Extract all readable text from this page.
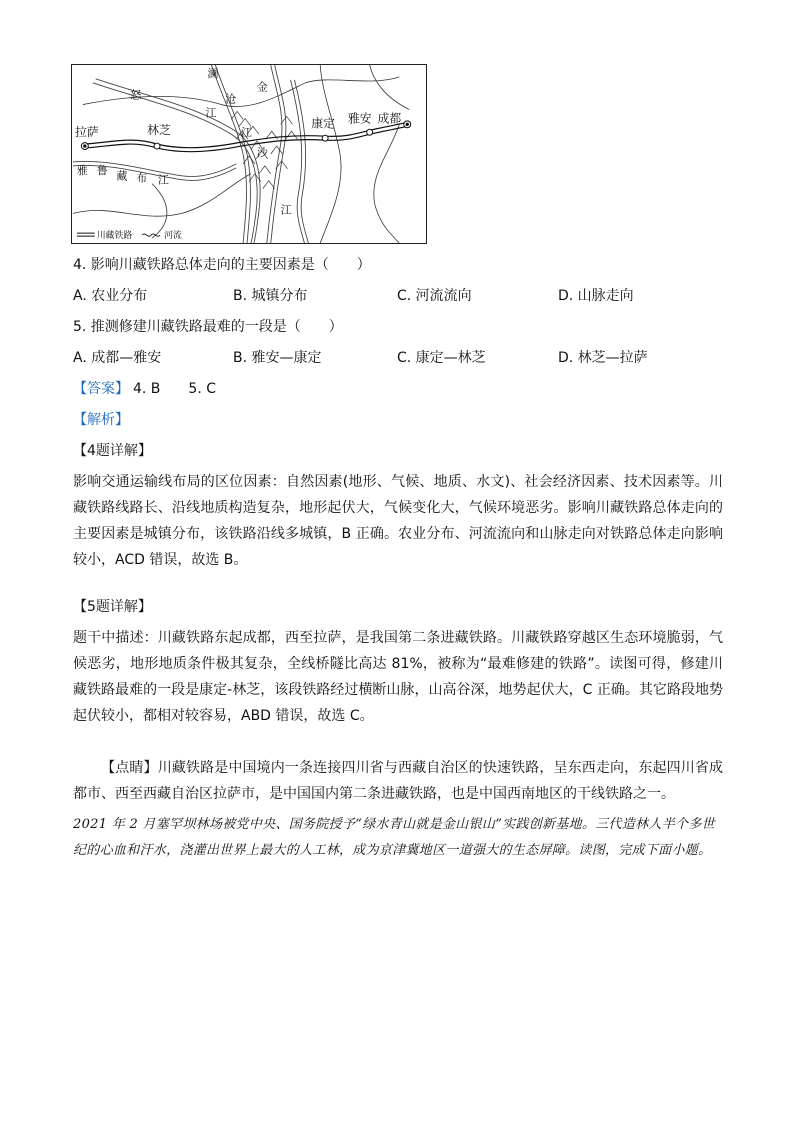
拉萨	林芝	康定 雅安 成都
怒
澜
沧
江
金
江
沙
江
雅 鲁 藏 布 江
川藏铁路	河流
4. 影响川藏铁路总体走向的主要因素是（　　）
A. 农业分布	B. 城镇分布	C. 河流流向	D. 山脉走向
5. 推测修建川藏铁路最难的一段是（　　）
A. 成都—雅安	B. 雅安—康定	C. 康定—林芝	D. 林芝—拉萨
【答案】 4. B　　5. C
【解析】
【4题详解】
影响交通运输线布局的区位因素：自然因素(地形、气候、地质、水文)、社会经济因素、技术因素等。川藏铁路线路长、沿线地质构造复杂，地形起伏大，气候变化大，气候环境恶劣。影响川藏铁路总体走向的主要因素是城镇分布，该铁路沿线多城镇，B 正确。农业分布、河流流向和山脉走向对铁路总体走向影响较小，ACD 错误，故选 B。
【5题详解】
题干中描述：川藏铁路东起成都，西至拉萨，是我国第二条进藏铁路。川藏铁路穿越区生态环境脆弱，气候恶劣，地形地质条件极其复杂，全线桥隧比高达 81%，被称为“最难修建的铁路”。读图可得，修建川藏铁路最难的一段是康定-林芝，该段铁路经过横断山脉，山高谷深，地势起伏大，C 正确。其它路段地势起伏较小，都相对较容易，ABD 错误，故选 C。
【点睛】川藏铁路是中国境内一条连接四川省与西藏自治区的快速铁路，呈东西走向，东起四川省成都市、西至西藏自治区拉萨市，是中国国内第二条进藏铁路，也是中国西南地区的干线铁路之一。
2021 年 2 月塞罕坝林场被党中央、国务院授予“绿水青山就是金山银山”实践创新基地。三代造林人半个多世纪的心血和汗水，浇灌出世界上最大的人工林，成为京津冀地区一道强大的生态屏障。读图，完成下面小题。
